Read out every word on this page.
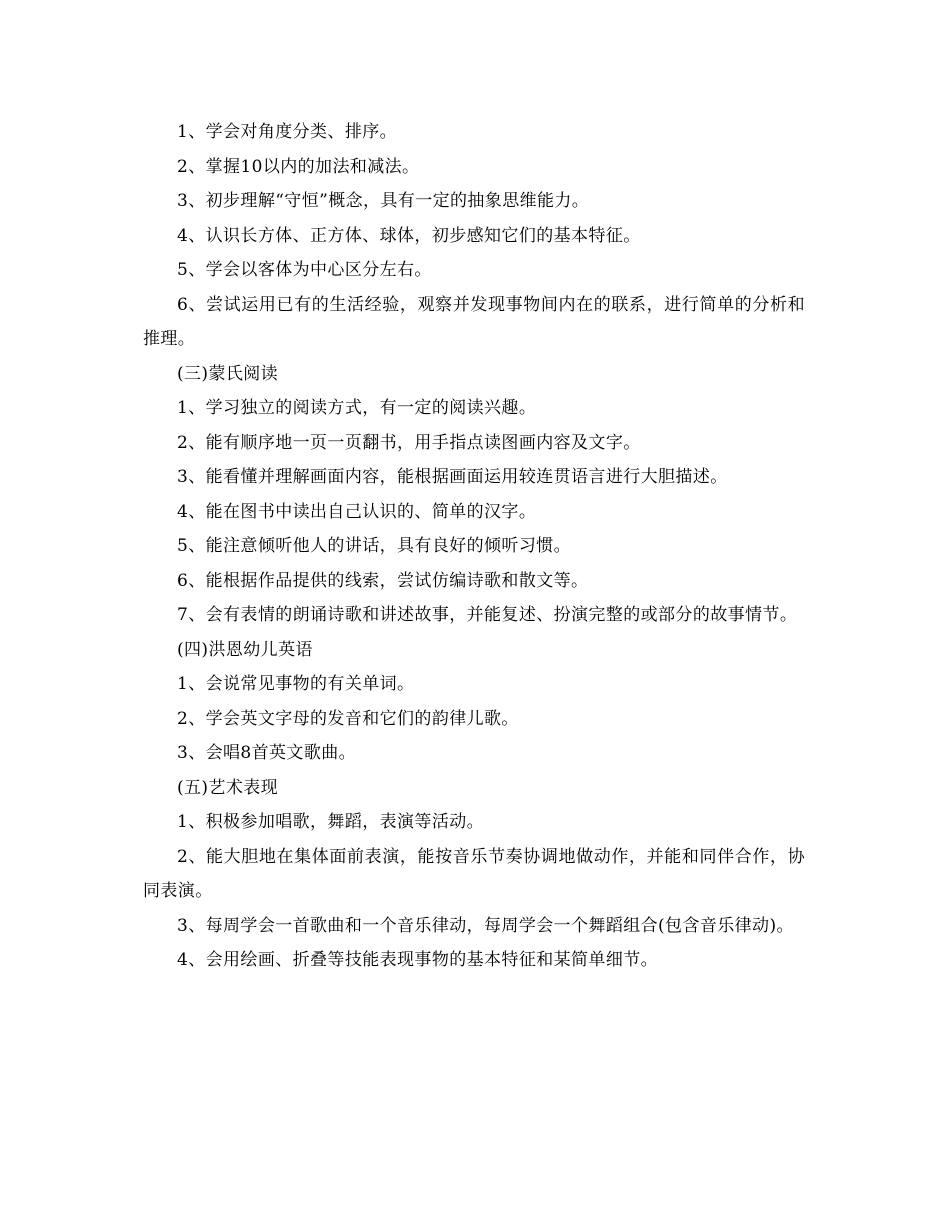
1、学会对角度分类、排序。

2、掌握10以内的加法和减法。

3、初步理解“守恒”概念，具有一定的抽象思维能力。

4、认识长方体、正方体、球体，初步感知它们的基本特征。

5、学会以客体为中心区分左右。

6、尝试运用已有的生活经验，观察并发现事物间内在的联系，进行简单的分析和推理。

(三)蒙氏阅读

1、学习独立的阅读方式，有一定的阅读兴趣。

2、能有顺序地一页一页翻书，用手指点读图画内容及文字。

3、能看懂并理解画面内容，能根据画面运用较连贯语言进行大胆描述。

4、能在图书中读出自己认识的、简单的汉字。

5、能注意倾听他人的讲话，具有良好的倾听习惯。

6、能根据作品提供的线索，尝试仿编诗歌和散文等。

7、会有表情的朗诵诗歌和讲述故事，并能复述、扮演完整的或部分的故事情节。

(四)洪恩幼儿英语

1、会说常见事物的有关单词。

2、学会英文字母的发音和它们的韵律儿歌。

3、会唱8首英文歌曲。

(五)艺术表现

1、积极参加唱歌，舞蹈，表演等活动。

2、能大胆地在集体面前表演，能按音乐节奏协调地做动作，并能和同伴合作，协同表演。

3、每周学会一首歌曲和一个音乐律动，每周学会一个舞蹈组合(包含音乐律动)。

4、会用绘画、折叠等技能表现事物的基本特征和某简单细节。
